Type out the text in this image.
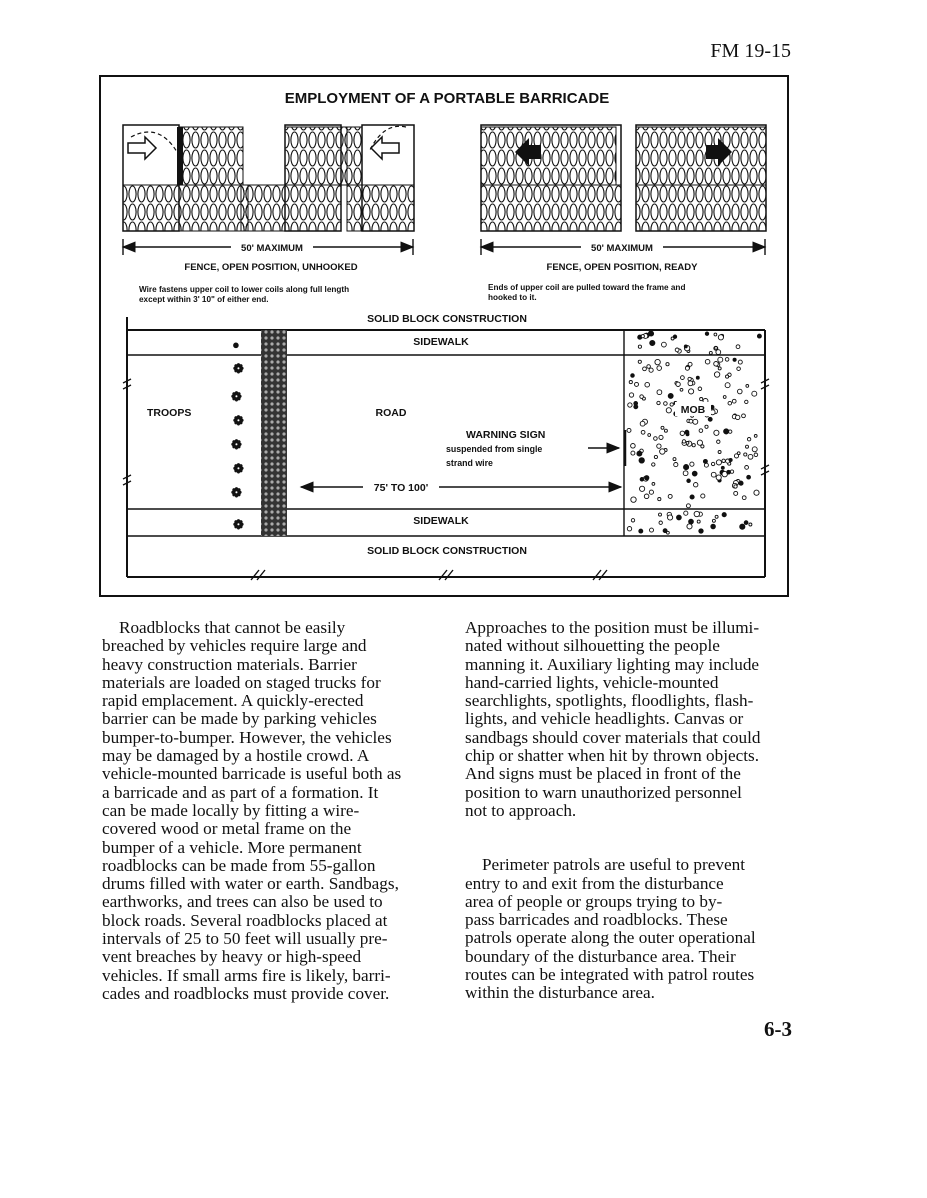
FM 19-15
EMPLOYMENT OF A PORTABLE BARRICADE
50' MAXIMUM	50' MAXIMUM
FENCE, OPEN POSITION, UNHOOKED	FENCE, OPEN POSITION, READY
Wire fastens upper coil to lower coils along full length
except within 3' 10" of either end.
Ends of upper coil are pulled toward the frame and
hooked to it.
SOLID BLOCK CONSTRUCTION
●
❁
❁
❁
❁
❁
❁
❁
SIDEWALK
TROOPS	ROAD
WARNING SIGN
suspended from single
strand wire
75' TO 100'
SIDEWALK
SOLID BLOCK CONSTRUCTION
MOB

Roadblocks that cannot be easily
breached by vehicles require large and
heavy construction materials. Barrier
materials are loaded on staged trucks for
rapid emplacement. A quickly-erected
barrier can be made by parking vehicles
bumper-to-bumper. However, the vehicles
may be damaged by a hostile crowd. A
vehicle-mounted barricade is useful both as
a barricade and as part of a formation. It
can be made locally by fitting a wire-
covered wood or metal frame on the
bumper of a vehicle. More permanent
roadblocks can be made from 55-gallon
drums filled with water or earth. Sandbags,
earthworks, and trees can also be used to
block roads. Several roadblocks placed at
intervals of 25 to 50 feet will usually pre-
vent breaches by heavy or high-speed
vehicles. If small arms fire is likely, barri-
cades and roadblocks must provide cover.

Approaches to the position must be illumi-
nated without silhouetting the people
manning it. Auxiliary lighting may include
hand-carried lights, vehicle-mounted
searchlights, spotlights, floodlights, flash-
lights, and vehicle headlights. Canvas or
sandbags should cover materials that could
chip or shatter when hit by thrown objects.
And signs must be placed in front of the
position to warn unauthorized personnel
not to approach.

Perimeter patrols are useful to prevent
entry to and exit from the disturbance
area of people or groups trying to by-
pass barricades and roadblocks. These
patrols operate along the outer operational
boundary of the disturbance area. Their
routes can be integrated with patrol routes
within the disturbance area.

6-3
